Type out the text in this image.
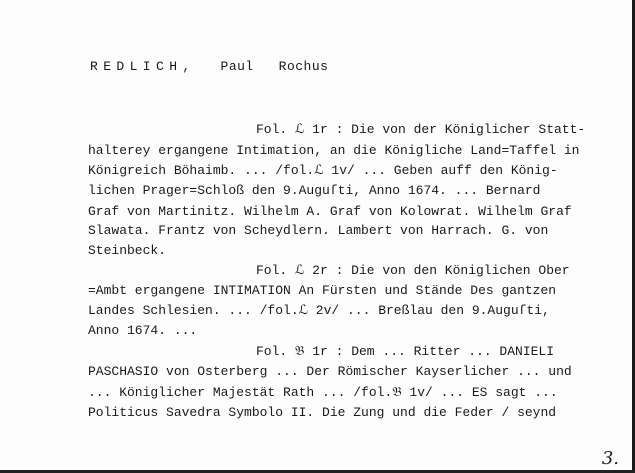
REDLICH, Paul Rochus
Fol. ℒ 1r : Die von der Königlicher Statt-
halterey ergangene Intimation, an die Königliche Land=Taffel in
Königreich Böhaimb. ... /fol.ℒ 1v/ ... Geben auff den König-
lichen Prager=Schloß den 9.Auguſti, Anno 1674. ... Bernard
Graf von Martinitz. Wilhelm A. Graf von Kolowrat. Wilhelm Graf
Slawata. Frantz von Scheydlern. Lambert von Harrach. G. von
Steinbeck.
Fol. ℒ 2r : Die von den Königlichen Ober
=Ambt ergangene INTIMATION An Fürsten und Stände Des gantzen
Landes Schlesien. ... /fol.ℒ 2v/ ... Breßlau den 9.Auguſti,
Anno 1674. ...
Fol. 𝔅 1r : Dem ... Ritter ... DANIELI
PASCHASIO von Osterberg ... Der Römischer Kayserlicher ... und
... Königlicher Majestät Rath ... /fol.𝔅 1v/ ... ES sagt ...
Politicus Savedra Symbolo II. Die Zung und die Feder / seynd
3.
